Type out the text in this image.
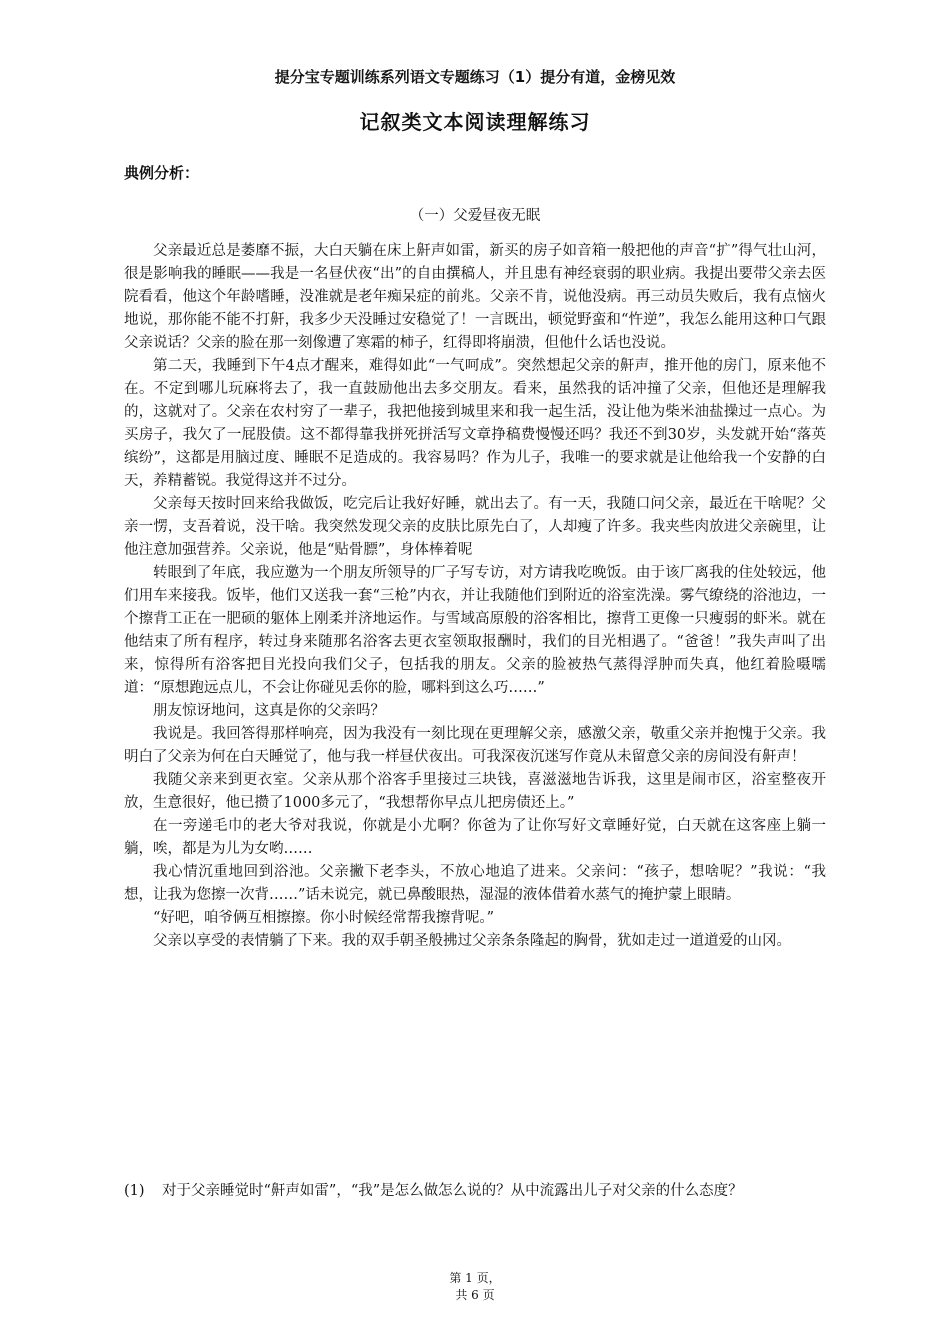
提分宝专题训练系列语文专题练习（1）提分有道，金榜见效
记叙类文本阅读理解练习
典例分析：
（一）父爱昼夜无眠

父亲最近总是萎靡不振，大白天躺在床上鼾声如雷，新买的房子如音箱一般把他的声音“扩”得气壮山河，很是影响我的睡眠——我是一名昼伏夜“出”的自由撰稿人，并且患有神经衰弱的职业病。我提出要带父亲去医院看看，他这个年龄嗜睡，没准就是老年痴呆症的前兆。父亲不肯，说他没病。再三动员失败后，我有点恼火地说，那你能不能不打鼾，我多少天没睡过安稳觉了！一言既出，顿觉野蛮和“忤逆”，我怎么能用这种口气跟父亲说话？父亲的脸在那一刻像遭了寒霜的柿子，红得即将崩溃，但他什么话也没说。

第二天，我睡到下午4点才醒来，难得如此“一气呵成”。突然想起父亲的鼾声，推开他的房门，原来他不在。不定到哪儿玩麻将去了，我一直鼓励他出去多交朋友。看来，虽然我的话冲撞了父亲，但他还是理解我的，这就对了。父亲在农村穷了一辈子，我把他接到城里来和我一起生活，没让他为柴米油盐操过一点心。为买房子，我欠了一屁股债。这不都得靠我拼死拼活写文章挣稿费慢慢还吗？我还不到30岁，头发就开始“落英缤纷”，这都是用脑过度、睡眠不足造成的。我容易吗？作为儿子，我唯一的要求就是让他给我一个安静的白天，养精蓄锐。我觉得这并不过分。

父亲每天按时回来给我做饭，吃完后让我好好睡，就出去了。有一天，我随口问父亲，最近在干啥呢？父亲一愣，支吾着说，没干啥。我突然发现父亲的皮肤比原先白了，人却瘦了许多。我夹些肉放进父亲碗里，让他注意加强营养。父亲说，他是“贴骨膘”，身体棒着呢

转眼到了年底，我应邀为一个朋友所领导的厂子写专访，对方请我吃晚饭。由于该厂离我的住处较远，他们用车来接我。饭毕，他们又送我一套“三枪”内衣，并让我随他们到附近的浴室洗澡。雾气缭绕的浴池边，一个擦背工正在一肥硕的躯体上刚柔并济地运作。与雪域高原般的浴客相比，擦背工更像一只瘦弱的虾米。就在他结束了所有程序，转过身来随那名浴客去更衣室领取报酬时，我们的目光相遇了。“爸爸！”我失声叫了出来，惊得所有浴客把目光投向我们父子，包括我的朋友。父亲的脸被热气蒸得浮肿而失真，他红着脸嗫嚅道：“原想跑远点儿，不会让你碰见丢你的脸，哪料到这么巧……”

朋友惊讶地问，这真是你的父亲吗？

我说是。我回答得那样响亮，因为我没有一刻比现在更理解父亲，感激父亲，敬重父亲并抱愧于父亲。我明白了父亲为何在白天睡觉了，他与我一样昼伏夜出。可我深夜沉迷写作竟从未留意父亲的房间没有鼾声！

我随父亲来到更衣室。父亲从那个浴客手里接过三块钱，喜滋滋地告诉我，这里是闹市区，浴室整夜开放，生意很好，他已攒了1000多元了，“我想帮你早点儿把房债还上。”

在一旁递毛巾的老大爷对我说，你就是小尤啊？你爸为了让你写好文章睡好觉，白天就在这客座上躺一躺，唉，都是为儿为女哟……

我心情沉重地回到浴池。父亲撇下老李头，不放心地追了进来。父亲问：“孩子，想啥呢？”我说：“我想，让我为您擦一次背……”话未说完，就已鼻酸眼热，湿湿的液体借着水蒸气的掩护蒙上眼睛。

“好吧，咱爷俩互相擦擦。你小时候经常帮我擦背呢。”

父亲以享受的表情躺了下来。我的双手朝圣般拂过父亲条条隆起的胸骨，犹如走过一道道爱的山冈。

(1)	对于父亲睡觉时“鼾声如雷”，“我”是怎么做怎么说的？从中流露出儿子对父亲的什么态度？
第 1 页，
共 6 页
